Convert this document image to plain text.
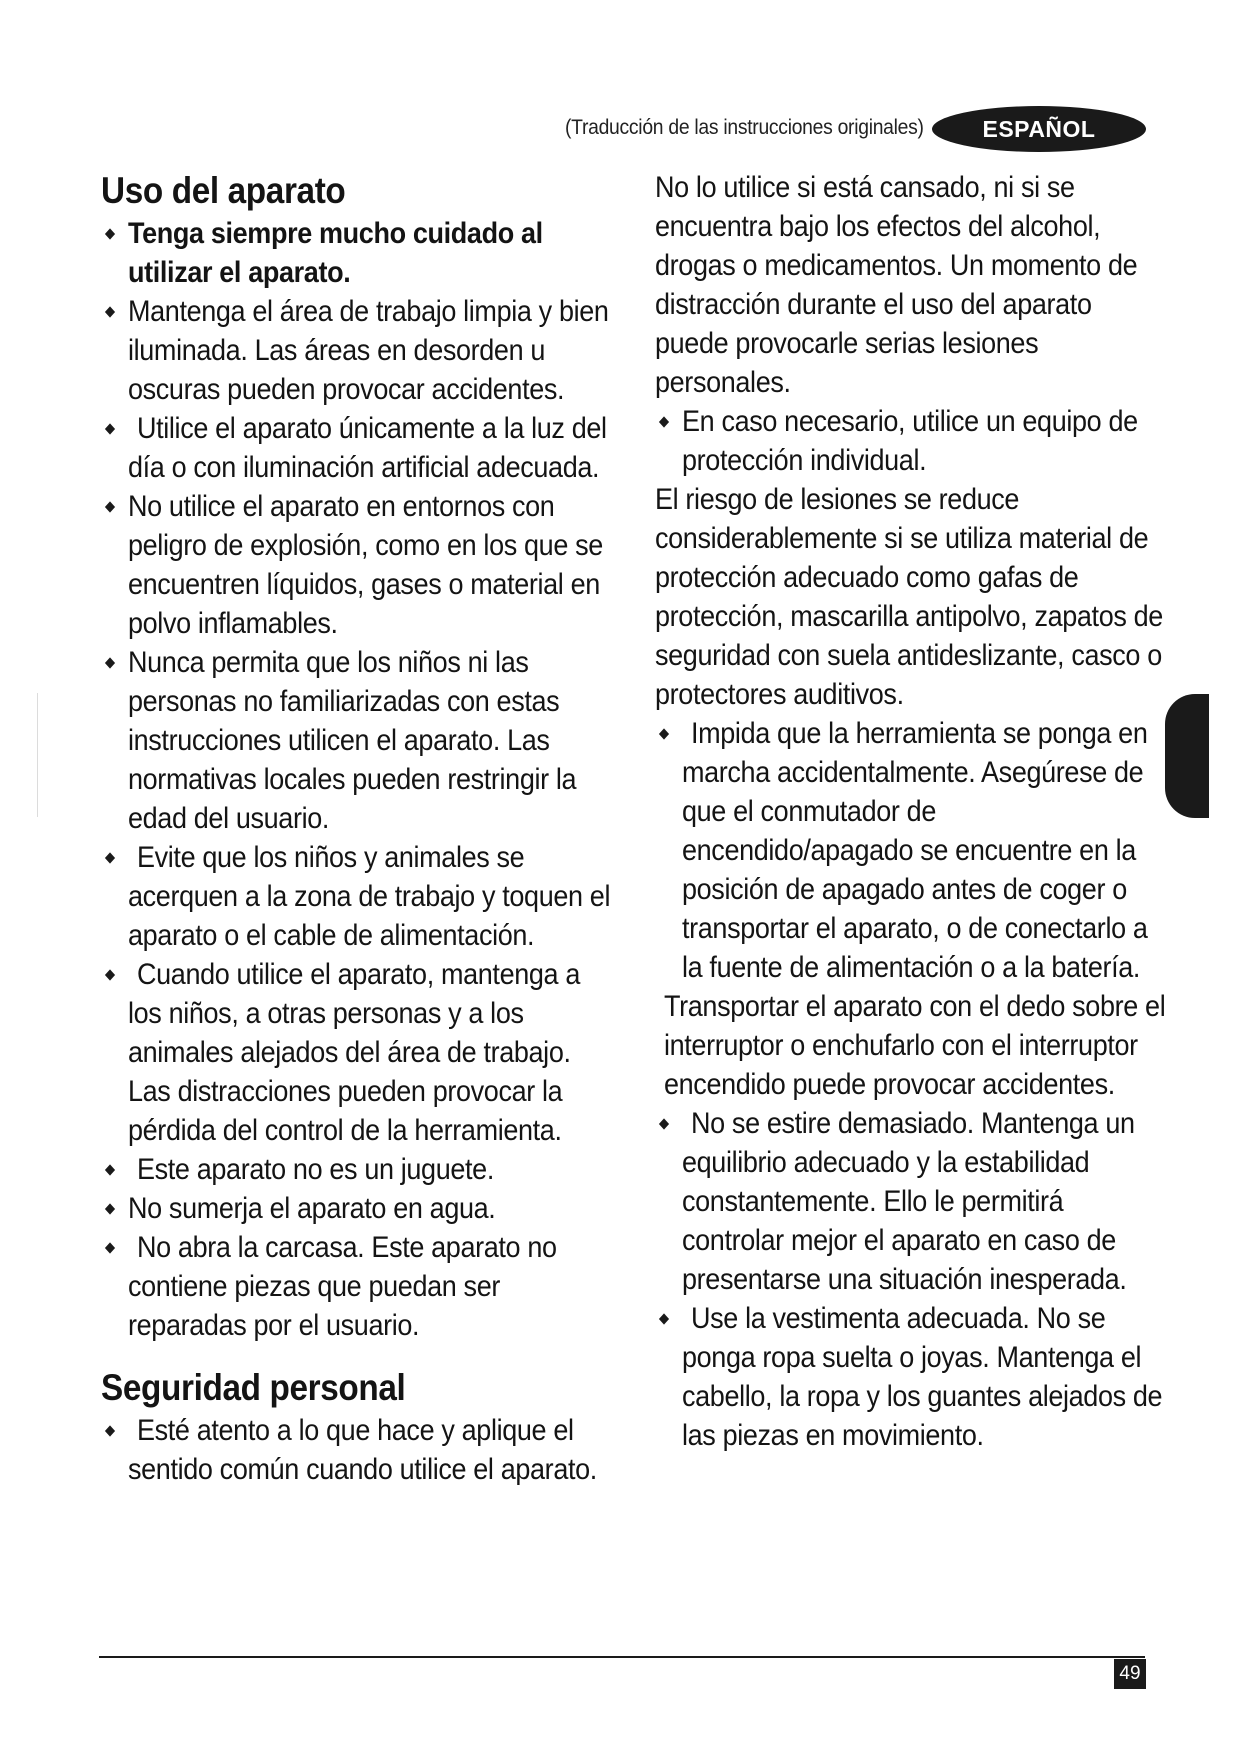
(Traducción de las instrucciones originales)	ESPAÑOL
Uso del aparato
Tenga siempre mucho cuidado al utilizar el aparato.
Mantenga el área de trabajo limpia y bien iluminada. Las áreas en desorden u oscuras pueden provocar accidentes.
Utilice el aparato únicamente a la luz del día o con iluminación artificial adecuada.
No utilice el aparato en entornos con peligro de explosión, como en los que se encuentren líquidos, gases o material en polvo inflamables.
Nunca permita que los niños ni las personas no familiarizadas con estas instrucciones utilicen el aparato. Las normativas locales pueden restringir la edad del usuario.
Evite que los niños y animales se acerquen a la zona de trabajo y toquen el aparato o el cable de alimentación.
Cuando utilice el aparato, mantenga a los niños, a otras personas y a los animales alejados del área de trabajo. Las distracciones pueden provocar la pérdida del control de la herramienta.
Este aparato no es un juguete.
No sumerja el aparato en agua.
No abra la carcasa. Este aparato no contiene piezas que puedan ser reparadas por el usuario.
Seguridad personal
Esté atento a lo que hace y aplique el sentido común cuando utilice el aparato.
No lo utilice si está cansado, ni si se encuentra bajo los efectos del alcohol, drogas o medicamentos. Un momento de distracción durante el uso del aparato puede provocarle serias lesiones personales.
En caso necesario, utilice un equipo de protección individual.
El riesgo de lesiones se reduce considerablemente si se utiliza material de protección adecuado como gafas de protección, mascarilla antipolvo, zapatos de seguridad con suela antideslizante, casco o protectores auditivos.
Impida que la herramienta se ponga en marcha accidentalmente. Asegúrese de que el conmutador de encendido/apagado se encuentre en la posición de apagado antes de coger o transportar el aparato, o de conectarlo a la fuente de alimentación o a la batería.
Transportar el aparato con el dedo sobre el interruptor o enchufarlo con el interruptor encendido puede provocar accidentes.
No se estire demasiado. Mantenga un equilibrio adecuado y la estabilidad constantemente. Ello le permitirá controlar mejor el aparato en caso de presentarse una situación inesperada.
Use la vestimenta adecuada. No se ponga ropa suelta o joyas. Mantenga el cabello, la ropa y los guantes alejados de las piezas en movimiento.
49
